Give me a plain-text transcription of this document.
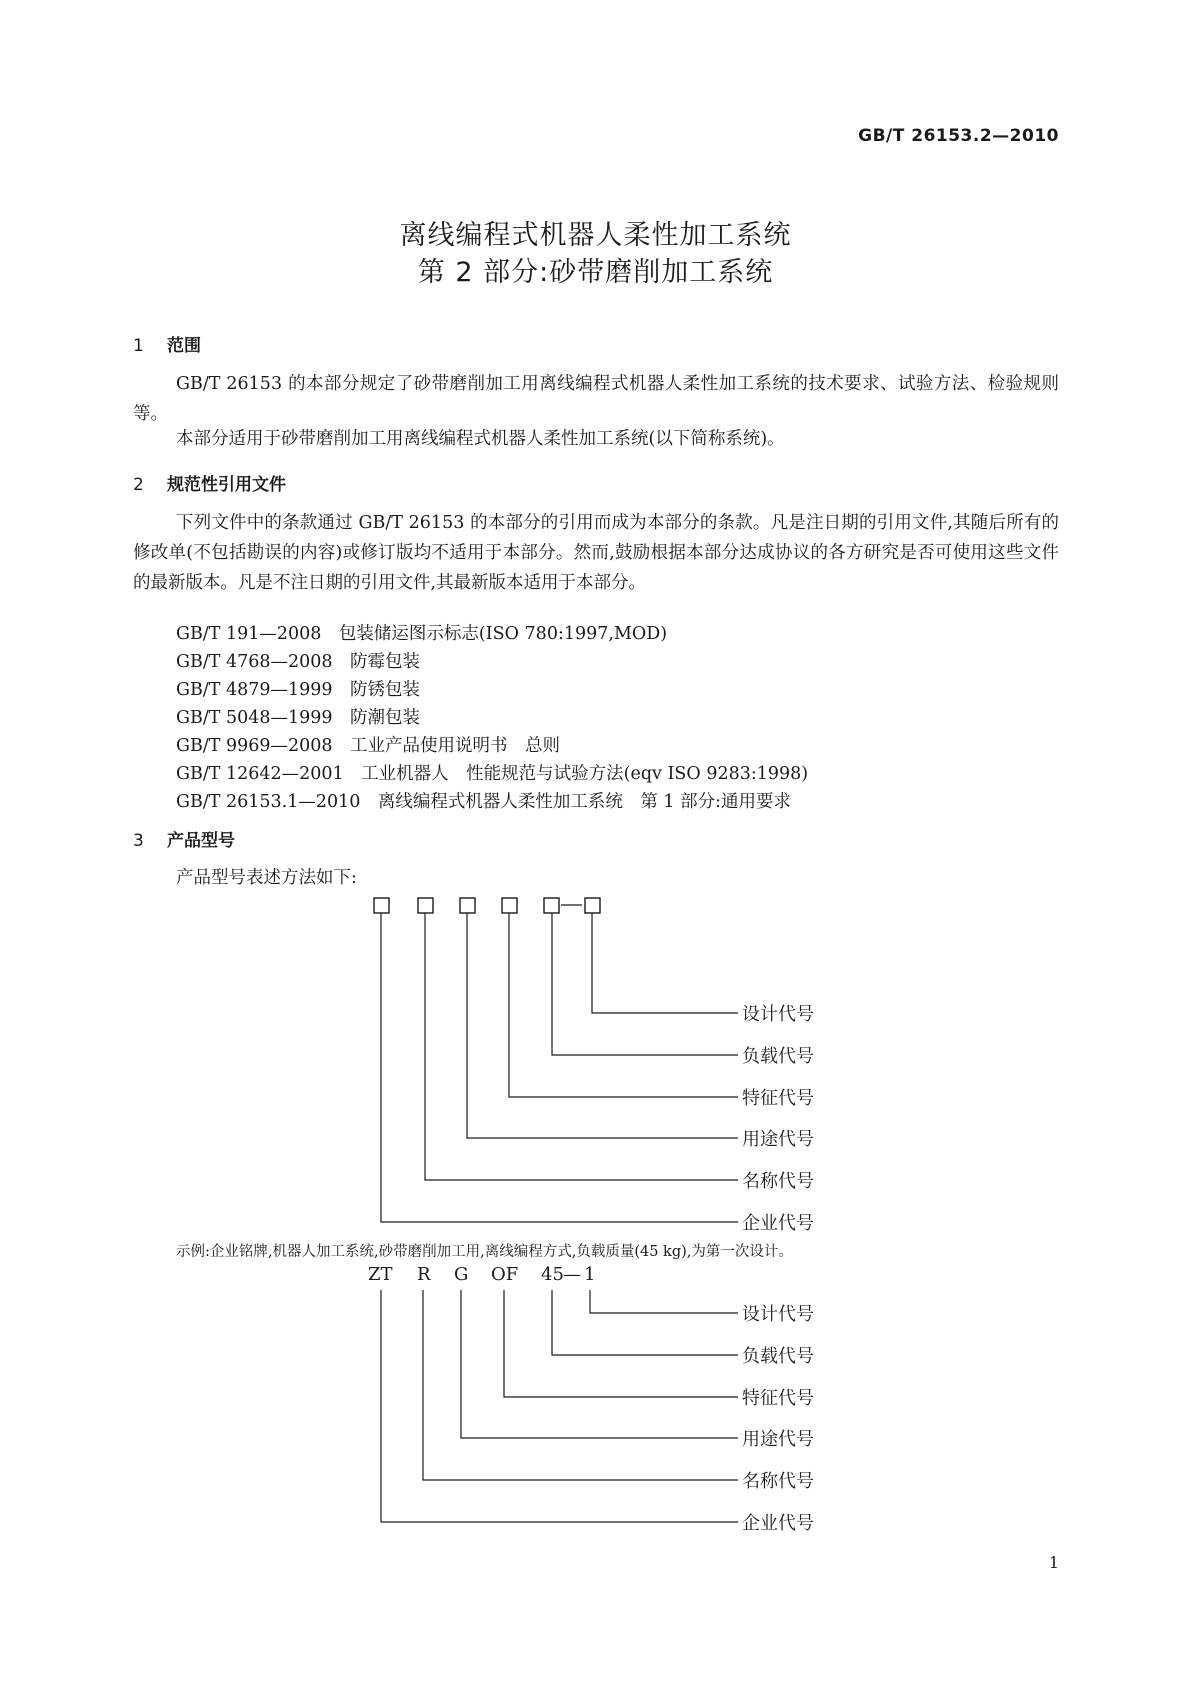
GB/T 26153.2—2010
离线编程式机器人柔性加工系统
第 2 部分:砂带磨削加工系统
1 范围
GB/T 26153 的本部分规定了砂带磨削加工用离线编程式机器人柔性加工系统的技术要求、试验方法、检验规则等。
本部分适用于砂带磨削加工用离线编程式机器人柔性加工系统(以下简称系统)。
2 规范性引用文件
下列文件中的条款通过 GB/T 26153 的本部分的引用而成为本部分的条款。凡是注日期的引用文件,其随后所有的修改单(不包括勘误的内容)或修订版均不适用于本部分。然而,鼓励根据本部分达成协议的各方研究是否可使用这些文件的最新版本。凡是不注日期的引用文件,其最新版本适用于本部分。
GB/T 191—2008　包装储运图示标志(ISO 780:1997,MOD)
GB/T 4768—2008　防霉包装
GB/T 4879—1999　防锈包装
GB/T 5048—1999　防潮包装
GB/T 9969—2008　工业产品使用说明书　总则
GB/T 12642—2001　工业机器人　性能规范与试验方法(eqv ISO 9283:1998)
GB/T 26153.1—2010　离线编程式机器人柔性加工系统　第 1 部分:通用要求
3 产品型号
产品型号表述方法如下:
设计代号
负载代号
特征代号
用途代号
名称代号
企业代号
示例:企业铭牌,机器人加工系统,砂带磨削加工用,离线编程方式,负载质量(45 kg),为第一次设计。
ZT R G OF 45 — 1
设计代号
负载代号
特征代号
用途代号
名称代号
企业代号
1
